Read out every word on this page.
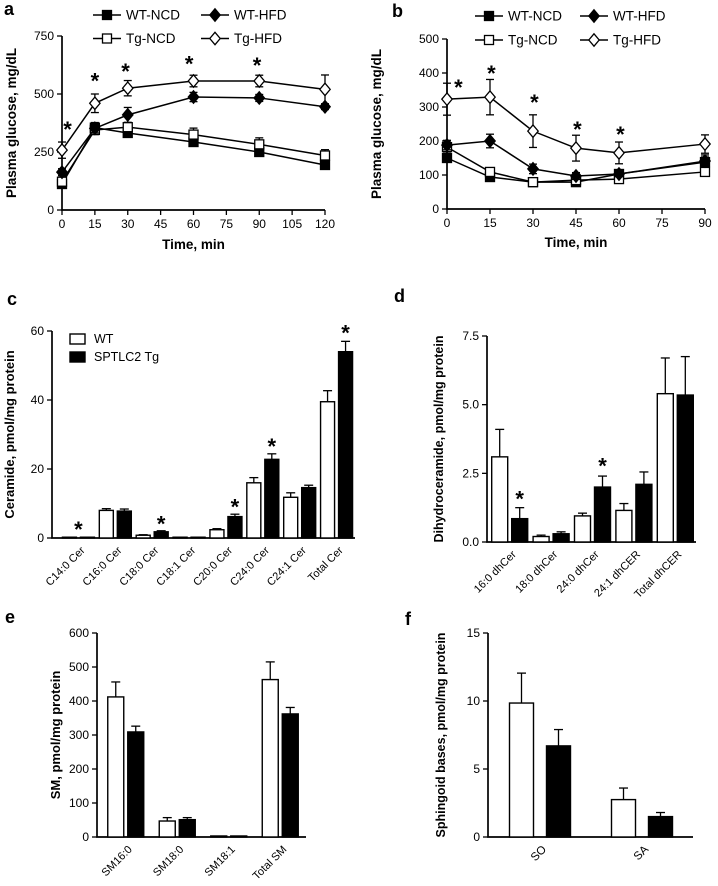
a
0
250
500
750
0 15 30 45 60 75 90 105 120
Plasma glucose, mg/dL
Time, min
WT-NCD	WT-HFD
Tg-NCD	Tg-HFD
*
* * *	*
b
0
100
200
300
400
500
0	15 30 45 60 75 90
Plasma glucose, mg/dL
Time, min
WT-NCD	WT-HFD
Tg-NCD	Tg-HFD
*
*
*
* *
c
0
20
40
60
Ceramide, pmol/mg protein
C14:0 Cer
C16:0 Cer
C18:0 Cer
C18:1 Cer
C20:0 Cer
C24:0 Cer
C24:1 Cer
Total Cer
WT
SPTLC2 Tg
*	*
*
*
*
d
0.0
2.5
5.0
7.5
Dihydroceramide, pmol/mg protein
16:0 dhCer
18:0 dhCer
24:0 dhCer
24:1 dhCER
Total dhCER
*
*
e
0
100
200
300
400
500
600
SM, pmol/mg protein
SM16:0 SM18:0 SM18:1 Total SM
f
0
5
10
15
Sphingoid bases, pmol/mg protein
SO	SA
